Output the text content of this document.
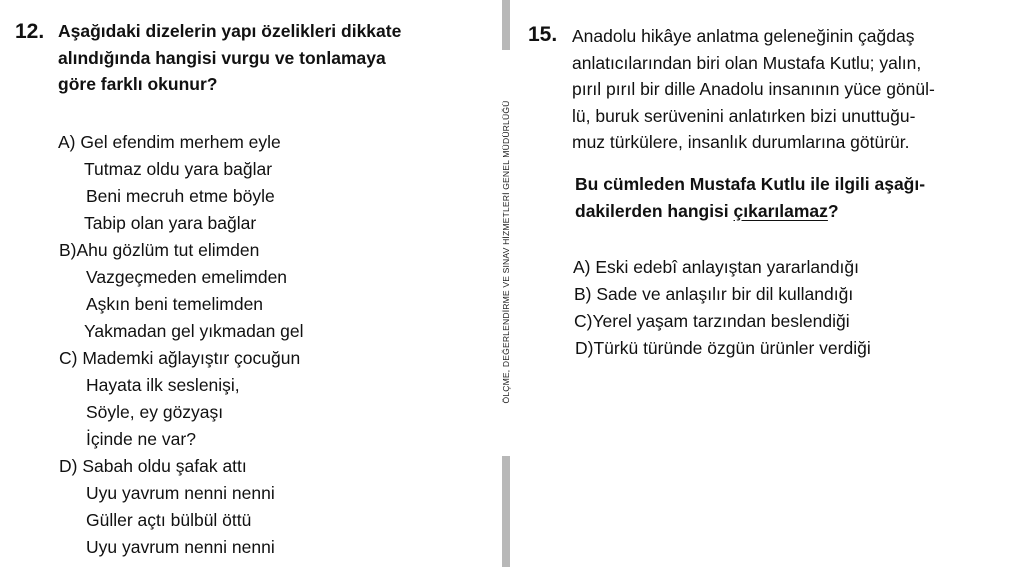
12. Aşağıdaki dizelerin yapı özelikleri dikkate
alındığında hangisi vurgu ve tonlamaya
göre farklı okunur?
A) Gel efendim merhem eyle
Tutmaz oldu yara bağlar
Beni mecruh etme böyle
Tabip olan yara bağlar
B)Ahu gözlüm tut elimden
Vazgeçmeden emelimden
Aşkın beni temelimden
Yakmadan gel yıkmadan gel
C) Mademki ağlayıştır çocuğun
Hayata ilk seslenişi,
Söyle, ey gözyaşı
İçinde ne var?
D) Sabah oldu şafak attı
Uyu yavrum nenni nenni
Güller açtı bülbül öttü
Uyu yavrum nenni nenni
ÖLÇME, DEĞERLENDİRME VE SINAV HİZMETLERİ GENEL MÜDÜRLÜĞÜ
15. Anadolu hikâye anlatma geleneğinin çağdaş
anlatıcılarından biri olan Mustafa Kutlu; yalın,
pırıl pırıl bir dille Anadolu insanının yüce gönül-
lü, buruk serüvenini anlatırken bizi unuttuğu-
muz türkülere, insanlık durumlarına götürür.
Bu cümleden Mustafa Kutlu ile ilgili aşağı-
dakilerden hangisi çıkarılamaz?
A) Eski edebî anlayıştan yararlandığı
B) Sade ve anlaşılır bir dil kullandığı
C)Yerel yaşam tarzından beslendiği
D)Türkü türünde özgün ürünler verdiği
